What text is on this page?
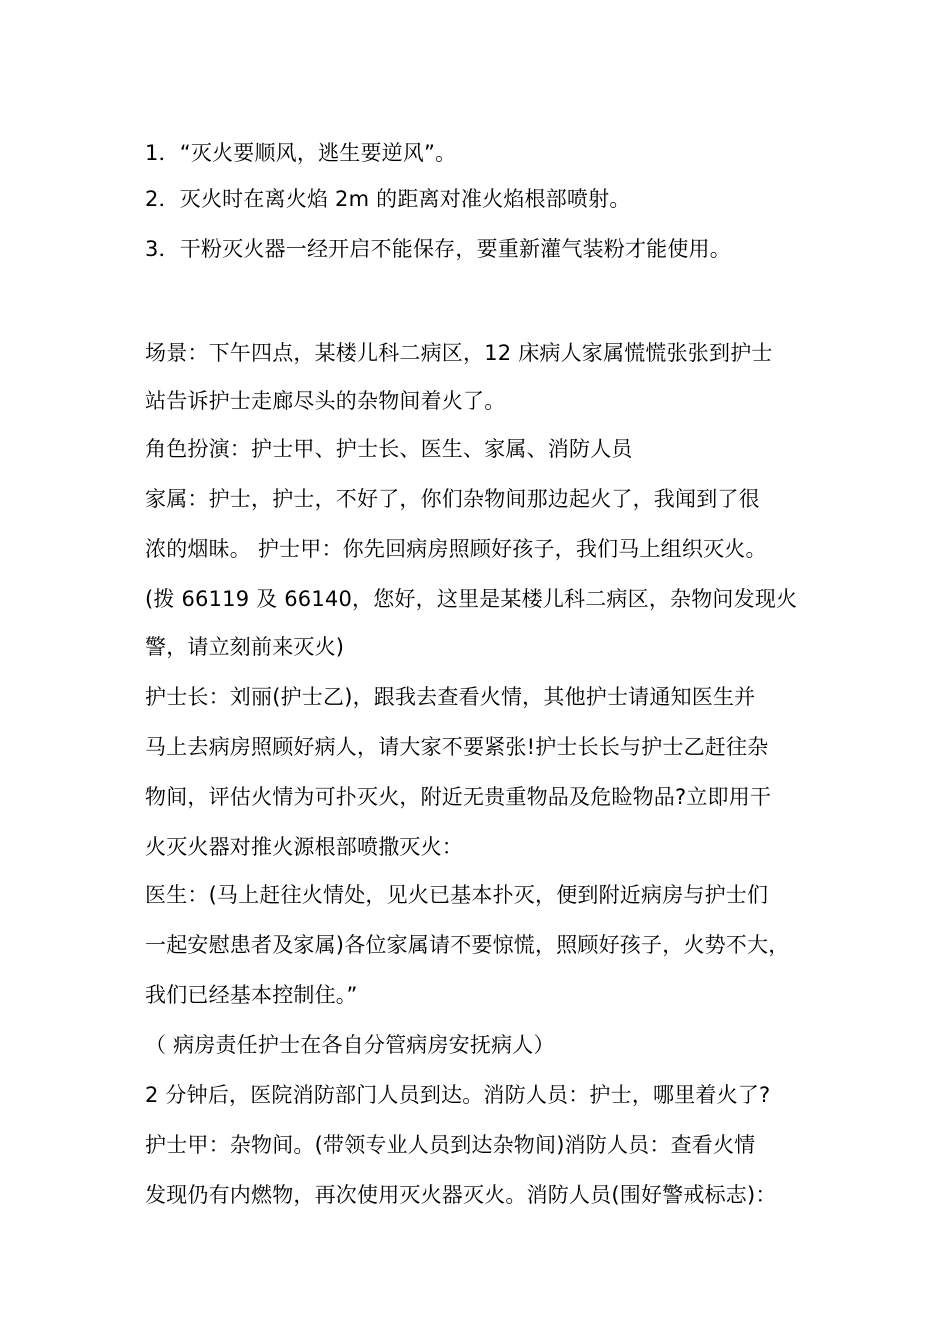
1．“灭火要顺风，逃生要逆风”。
2．灭火时在离火焰 2m 的距离对准火焰根部喷射。
3．干粉灭火器一经开启不能保存，要重新灌气装粉才能使用。
场景：下午四点，某楼儿科二病区，12 床病人家属慌慌张张到护士
站告诉护士走廊尽头的杂物间着火了。
角色扮演：护士甲、护士长、医生、家属、消防人员
家属：护士，护士，不好了，你们杂物间那边起火了，我闻到了很
浓的烟昧。 护士甲：你先回病房照顾好孩子，我们马上组织灭火。
(拨 66119 及 66140，您好，这里是某楼儿科二病区，杂物问发现火
警，请立刻前来灭火)
护士长：刘丽(护士乙)，跟我去查看火情，其他护士请通知医生并
马上去病房照顾好病人，请大家不要紧张!护士长长与护士乙赶往杂
物间，评估火情为可扑灭火，附近无贵重物品及危睑物品?立即用干
火灭火器对推火源根部喷撒灭火：
医生：(马上赶往火情处，见火已基本扑灭，便到附近病房与护士们
一起安慰患者及家属)各位家属请不要惊慌，照顾好孩子，火势不大，
我们已经基本控制住。”
（ 病房责任护士在各自分管病房安抚病人）
2 分钟后，医院消防部门人员到达。消防人员：护士，哪里着火了?
护士甲：杂物间。(带领专业人员到达杂物间)消防人员：查看火情
发现仍有内燃物，再次使用灭火器灭火。消防人员(围好警戒标志)：
